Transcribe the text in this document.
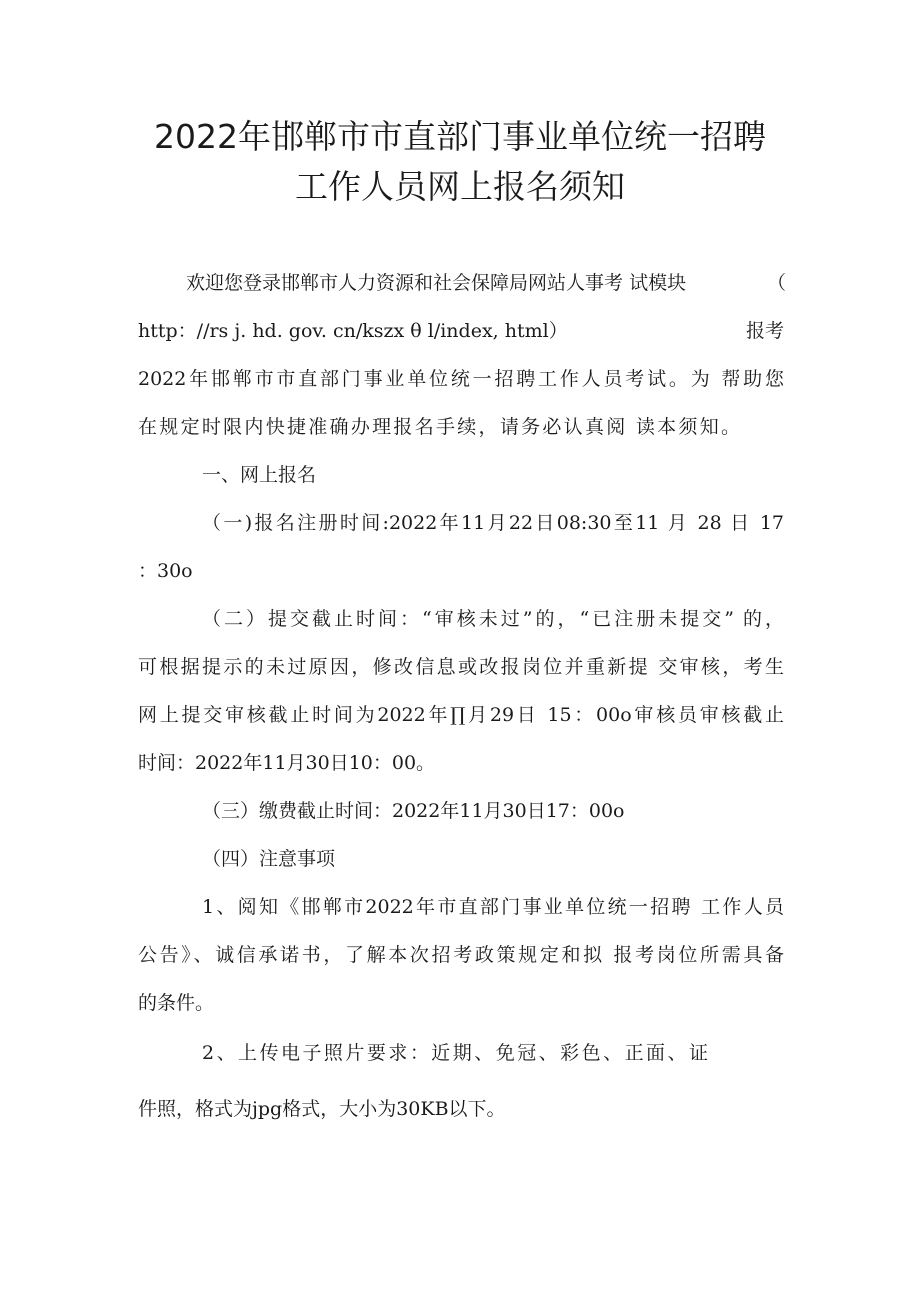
2022年邯郸市市直部门事业单位统一招聘
工作人员网上报名须知

欢迎您登录邯郸市人力资源和社会保障局网站人事考 试模块	（

http：//rs j. hd. gov. cn/kszx θ l/index, html）	报考

2022年邯郸市市直部门事业单位统一招聘工作人员考试。为 帮助您

在规定时限内快捷准确办理报名手续，请务必认真阅 读本须知。

一、网上报名

（一)报名注册时间:2022年11月22日08:30至11 月 28 日 17

：30o

（二）提交截止时间：“审核未过”的，“已注册未提交” 的，

可根据提示的未过原因，修改信息或改报岗位并重新提 交审核，考生

网上提交审核截止时间为2022年∏月29日 15：00o审核员审核截止

时间：2022年11月30日10：00。

（三）缴费截止时间：2022年11月30日17：00o

（四）注意事项

1、阅知《邯郸市2022年市直部门事业单位统一招聘 工作人员

公告》、诚信承诺书，了解本次招考政策规定和拟 报考岗位所需具备

的条件。

2、上传电子照片要求：近期、免冠、彩色、正面、证

件照，格式为jpg格式，大小为30KB以下。
